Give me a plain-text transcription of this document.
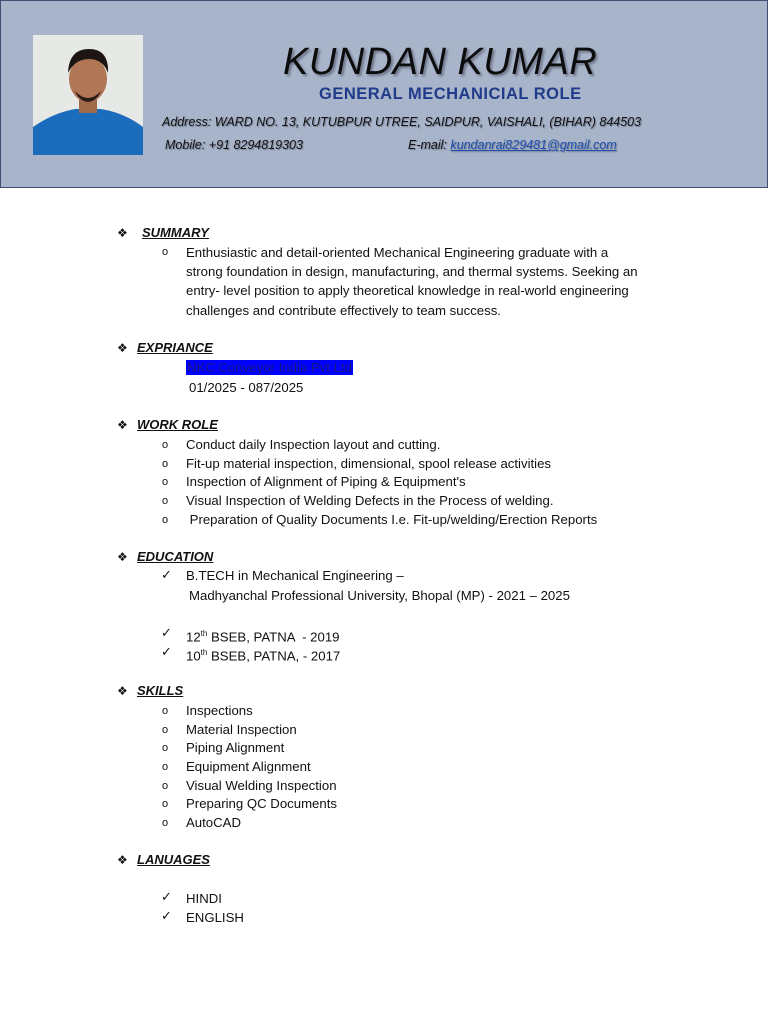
KUNDAN KUMAR
GENERAL MECHANICIAL ROLE
Address: WARD NO. 13, KUTUBPUR UTREE, SAIDPUR, VAISHALI, (BIHAR) 844503
Mobile: +91 8294819303	E-mail: kundanrai829481@gmail.com
❖ SUMMARY
o Enthusiastic and detail-oriented Mechanical Engineering graduate with a
strong foundation in design, manufacturing, and thermal systems. Seeking an
entry- level position to apply theoretical knowledge in real-world engineering
challenges and contribute effectively to team success.
❖ EXPRIANCE
NKC Conveyor India Pvt Ltd
01/2025 - 087/2025
❖ WORK ROLE
o Conduct daily Inspection layout and cutting.
o Fit-up material inspection, dimensional, spool release activities
o Inspection of Alignment of Piping & Equipment's
o Visual Inspection of Welding Defects in the Process of welding.
o Preparation of Quality Documents I.e. Fit-up/welding/Erection Reports
❖ EDUCATION
✓ B.TECH in Mechanical Engineering –
Madhyanchal Professional University, Bhopal (MP) - 2021 – 2025
✓ 12th BSEB, PATNA  - 2019
✓ 10th BSEB, PATNA, - 2017
❖ SKILLS
o Inspections
o Material Inspection
o Piping Alignment
o Equipment Alignment
o Visual Welding Inspection
o Preparing QC Documents
o AutoCAD
❖ LANUAGES
✓ HINDI
✓ ENGLISH
